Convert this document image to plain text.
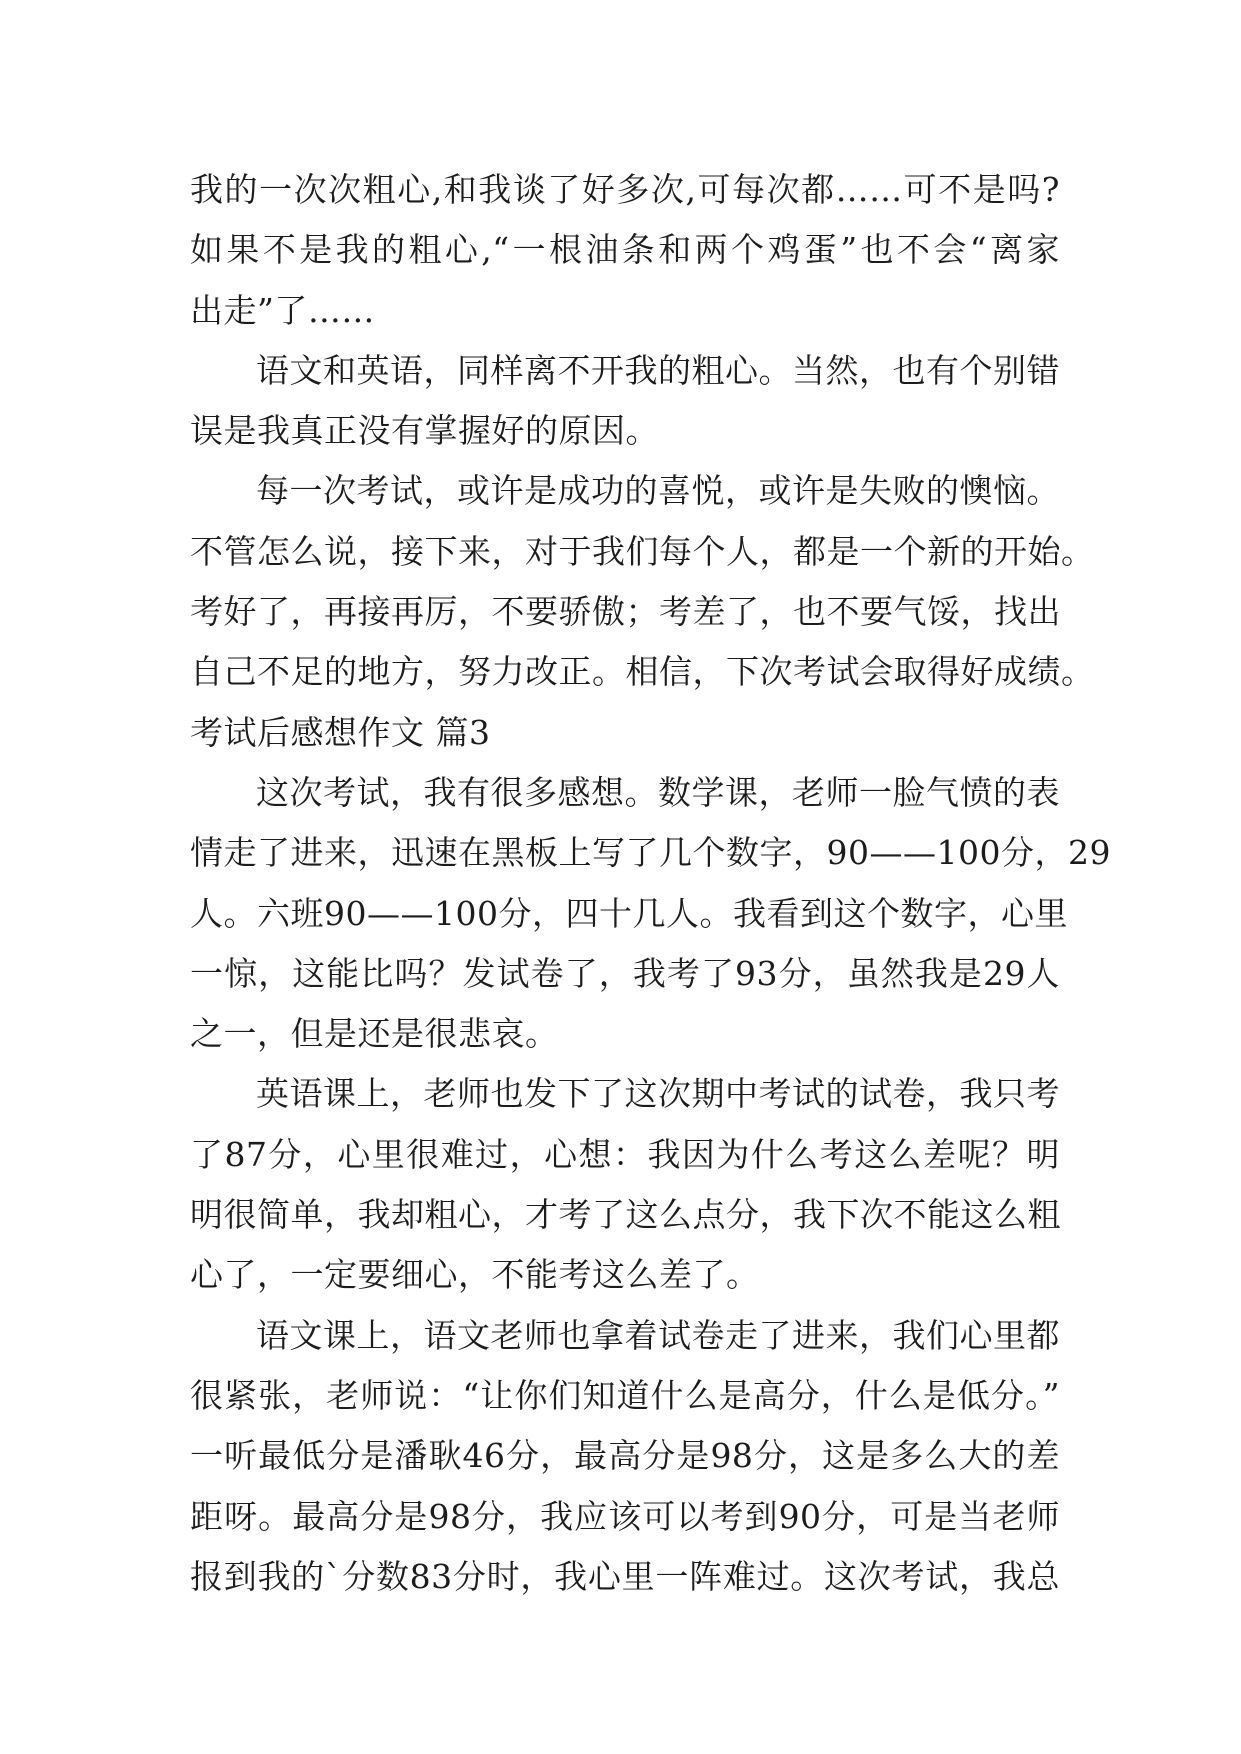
我的一次次粗心,和我谈了好多次,可每次都……可不是吗?
如果不是我的粗心,“一根油条和两个鸡蛋”也不会“离家
出走”了……
语文和英语，同样离不开我的粗心。当然，也有个别错
误是我真正没有掌握好的原因。
每一次考试，或许是成功的喜悦，或许是失败的懊恼。
不管怎么说，接下来，对于我们每个人，都是一个新的开始。
考好了，再接再厉，不要骄傲；考差了，也不要气馁，找出
自己不足的地方，努力改正。相信，下次考试会取得好成绩。
考试后感想作文 篇3
这次考试，我有很多感想。数学课，老师一脸气愤的表
情走了进来，迅速在黑板上写了几个数字，90——100分，29
人。六班90——100分，四十几人。我看到这个数字，心里
一惊，这能比吗？发试卷了，我考了93分，虽然我是29人
之一，但是还是很悲哀。
英语课上，老师也发下了这次期中考试的试卷，我只考
了87分，心里很难过，心想：我因为什么考这么差呢？明
明很简单，我却粗心，才考了这么点分，我下次不能这么粗
心了，一定要细心，不能考这么差了。
语文课上，语文老师也拿着试卷走了进来，我们心里都
很紧张，老师说：“让你们知道什么是高分，什么是低分。”
一听最低分是潘耿46分，最高分是98分，这是多么大的差
距呀。最高分是98分，我应该可以考到90分，可是当老师
报到我的`分数83分时，我心里一阵难过。这次考试，我总
